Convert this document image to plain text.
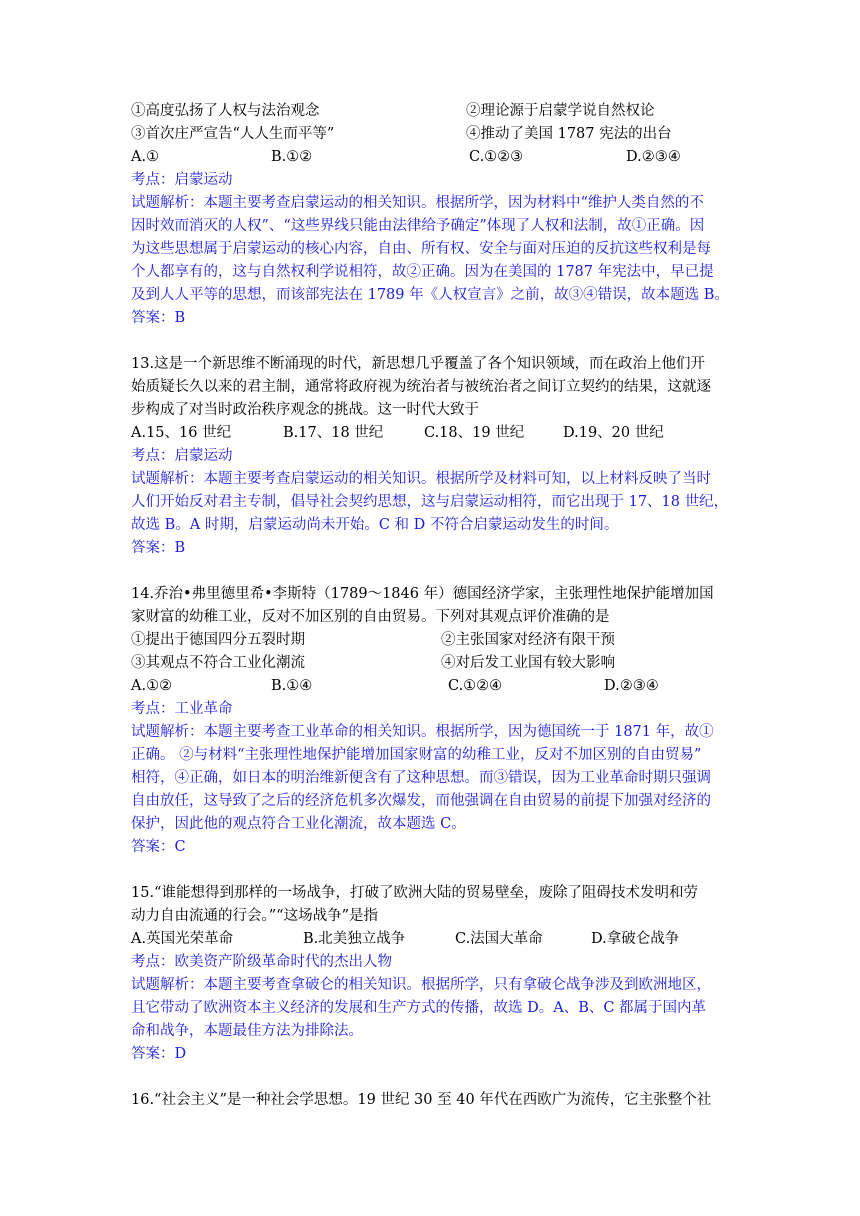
①高度弘扬了人权与法治观念	②理论源于启蒙学说自然权论
③首次庄严宣告“人人生而平等”	④推动了美国 1787 宪法的出台
A.①	B.①②	C.①②③	D.②③④
考点：启蒙运动
试题解析：本题主要考查启蒙运动的相关知识。根据所学，因为材料中“维护人类自然的不
因时效而消灭的人权”、“这些界线只能由法律给予确定”体现了人权和法制，故①正确。因
为这些思想属于启蒙运动的核心内容，自由、所有权、安全与面对压迫的反抗这些权利是每
个人都享有的，这与自然权利学说相符，故②正确。因为在美国的 1787 年宪法中，早已提
及到人人平等的思想，而该部宪法在 1789 年《人权宣言》之前，故③④错误，故本题选 B。
答案：B
13.这是一个新思维不断涌现的时代，新思想几乎覆盖了各个知识领域，而在政治上他们开
始质疑长久以来的君主制，通常将政府视为统治者与被统治者之间订立契约的结果，这就逐
步构成了对当时政治秩序观念的挑战。这一时代大致于
A.15、16 世纪	B.17、18 世纪	C.18、19 世纪	D.19、20 世纪
考点：启蒙运动
试题解析：本题主要考查启蒙运动的相关知识。根据所学及材料可知，以上材料反映了当时
人们开始反对君主专制，倡导社会契约思想，这与启蒙运动相符，而它出现于 17、18 世纪，
故选 B。A 时期，启蒙运动尚未开始。C 和 D 不符合启蒙运动发生的时间。
答案：B
14.乔治•弗里德里希•李斯特（1789～1846 年）德国经济学家，主张理性地保护能增加国
家财富的幼稚工业，反对不加区别的自由贸易。下列对其观点评价准确的是
①提出于德国四分五裂时期	②主张国家对经济有限干预
③其观点不符合工业化潮流	④对后发工业国有较大影响
A.①②	B.①④	C.①②④	D.②③④
考点：工业革命
试题解析：本题主要考查工业革命的相关知识。根据所学，因为德国统一于 1871 年，故①
正确。 ②与材料“主张理性地保护能增加国家财富的幼稚工业，反对不加区别的自由贸易”
相符，④正确，如日本的明治维新便含有了这种思想。而③错误，因为工业革命时期只强调
自由放任，这导致了之后的经济危机多次爆发，而他强调在自由贸易的前提下加强对经济的
保护，因此他的观点符合工业化潮流，故本题选 C。
答案：C
15.“谁能想得到那样的一场战争，打破了欧洲大陆的贸易壁垒，废除了阻碍技术发明和劳
动力自由流通的行会。”“这场战争”是指
A.英国光荣革命	B.北美独立战争	C.法国大革命	D.拿破仑战争
考点：欧美资产阶级革命时代的杰出人物
试题解析：本题主要考查拿破仑的相关知识。根据所学，只有拿破仑战争涉及到欧洲地区，
且它带动了欧洲资本主义经济的发展和生产方式的传播，故选 D。A、B、C 都属于国内革
命和战争，本题最佳方法为排除法。
答案：D
16.“社会主义”是一种社会学思想。19 世纪 30 至 40 年代在西欧广为流传，它主张整个社
